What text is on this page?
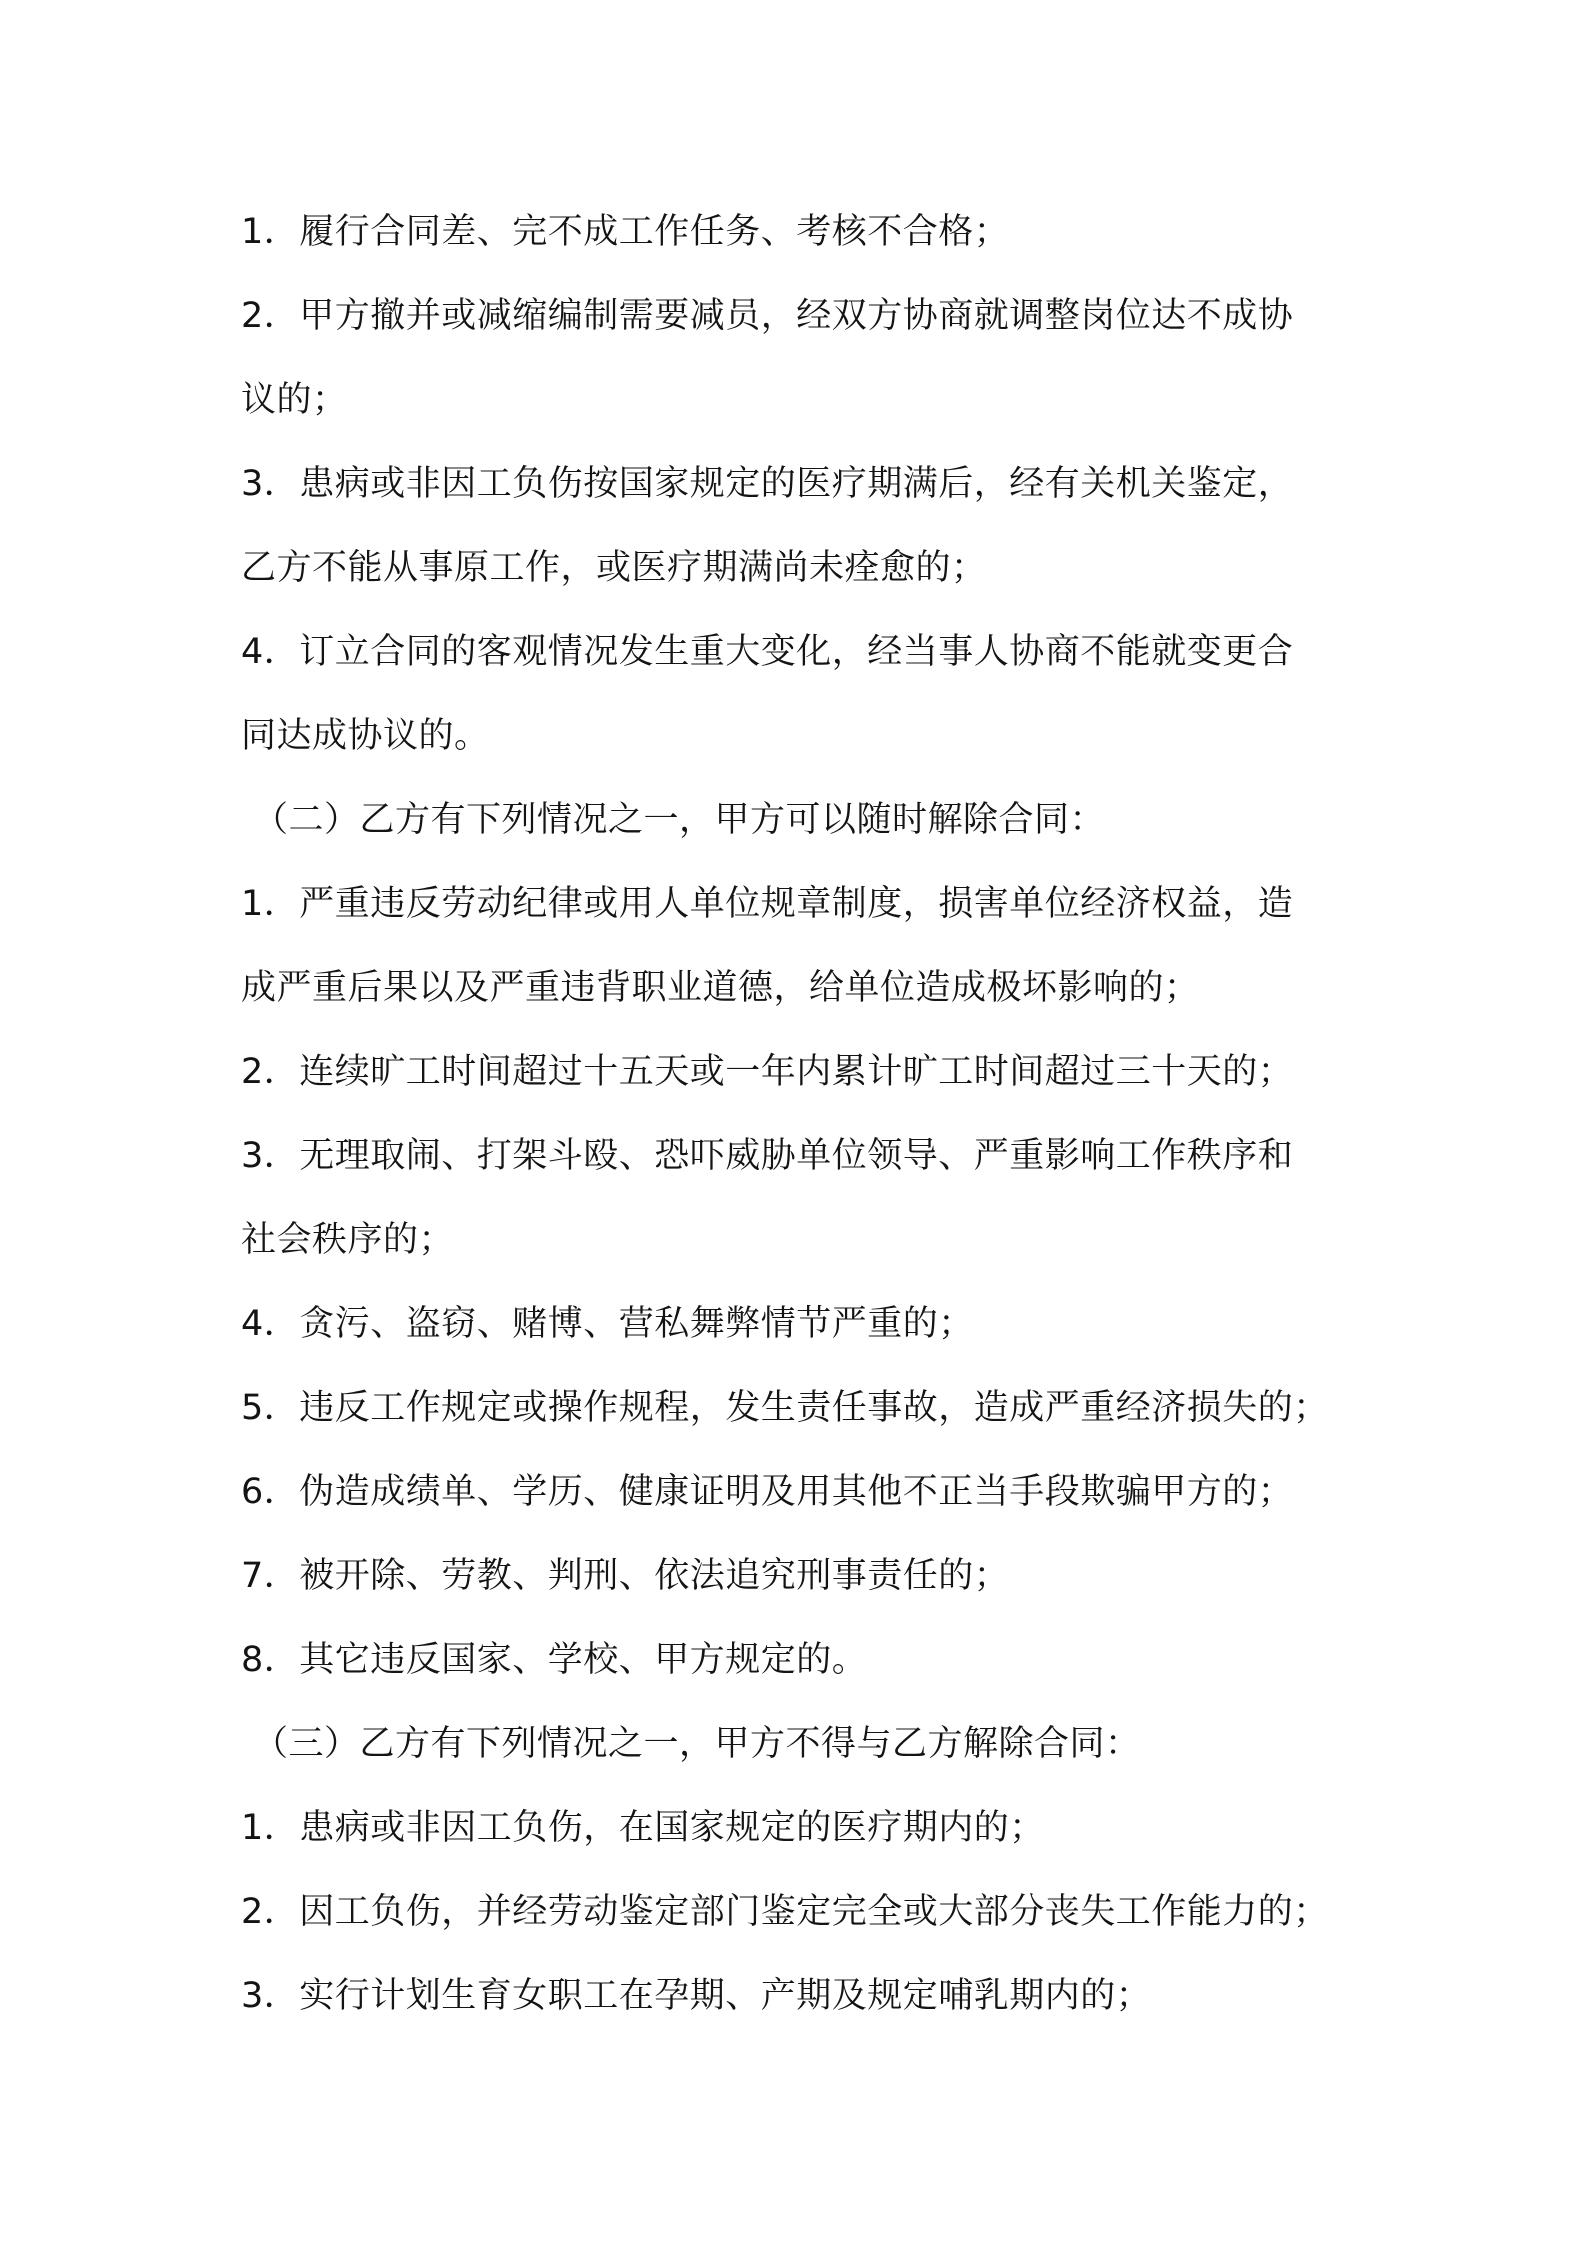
1．履行合同差、完不成工作任务、考核不合格；
2．甲方撤并或减缩编制需要减员，经双方协商就调整岗位达不成协
议的；
3．患病或非因工负伤按国家规定的医疗期满后，经有关机关鉴定，
乙方不能从事原工作，或医疗期满尚未痊愈的；
4．订立合同的客观情况发生重大变化，经当事人协商不能就变更合
同达成协议的。
（二）乙方有下列情况之一，甲方可以随时解除合同：
1．严重违反劳动纪律或用人单位规章制度，损害单位经济权益，造
成严重后果以及严重违背职业道德，给单位造成极坏影响的；
2．连续旷工时间超过十五天或一年内累计旷工时间超过三十天的；
3．无理取闹、打架斗殴、恐吓威胁单位领导、严重影响工作秩序和
社会秩序的；
4．贪污、盗窃、赌博、营私舞弊情节严重的；
5．违反工作规定或操作规程，发生责任事故，造成严重经济损失的；
6．伪造成绩单、学历、健康证明及用其他不正当手段欺骗甲方的；
7．被开除、劳教、判刑、依法追究刑事责任的；
8．其它违反国家、学校、甲方规定的。
（三）乙方有下列情况之一，甲方不得与乙方解除合同：
1．患病或非因工负伤，在国家规定的医疗期内的；
2．因工负伤，并经劳动鉴定部门鉴定完全或大部分丧失工作能力的；
3．实行计划生育女职工在孕期、产期及规定哺乳期内的；
